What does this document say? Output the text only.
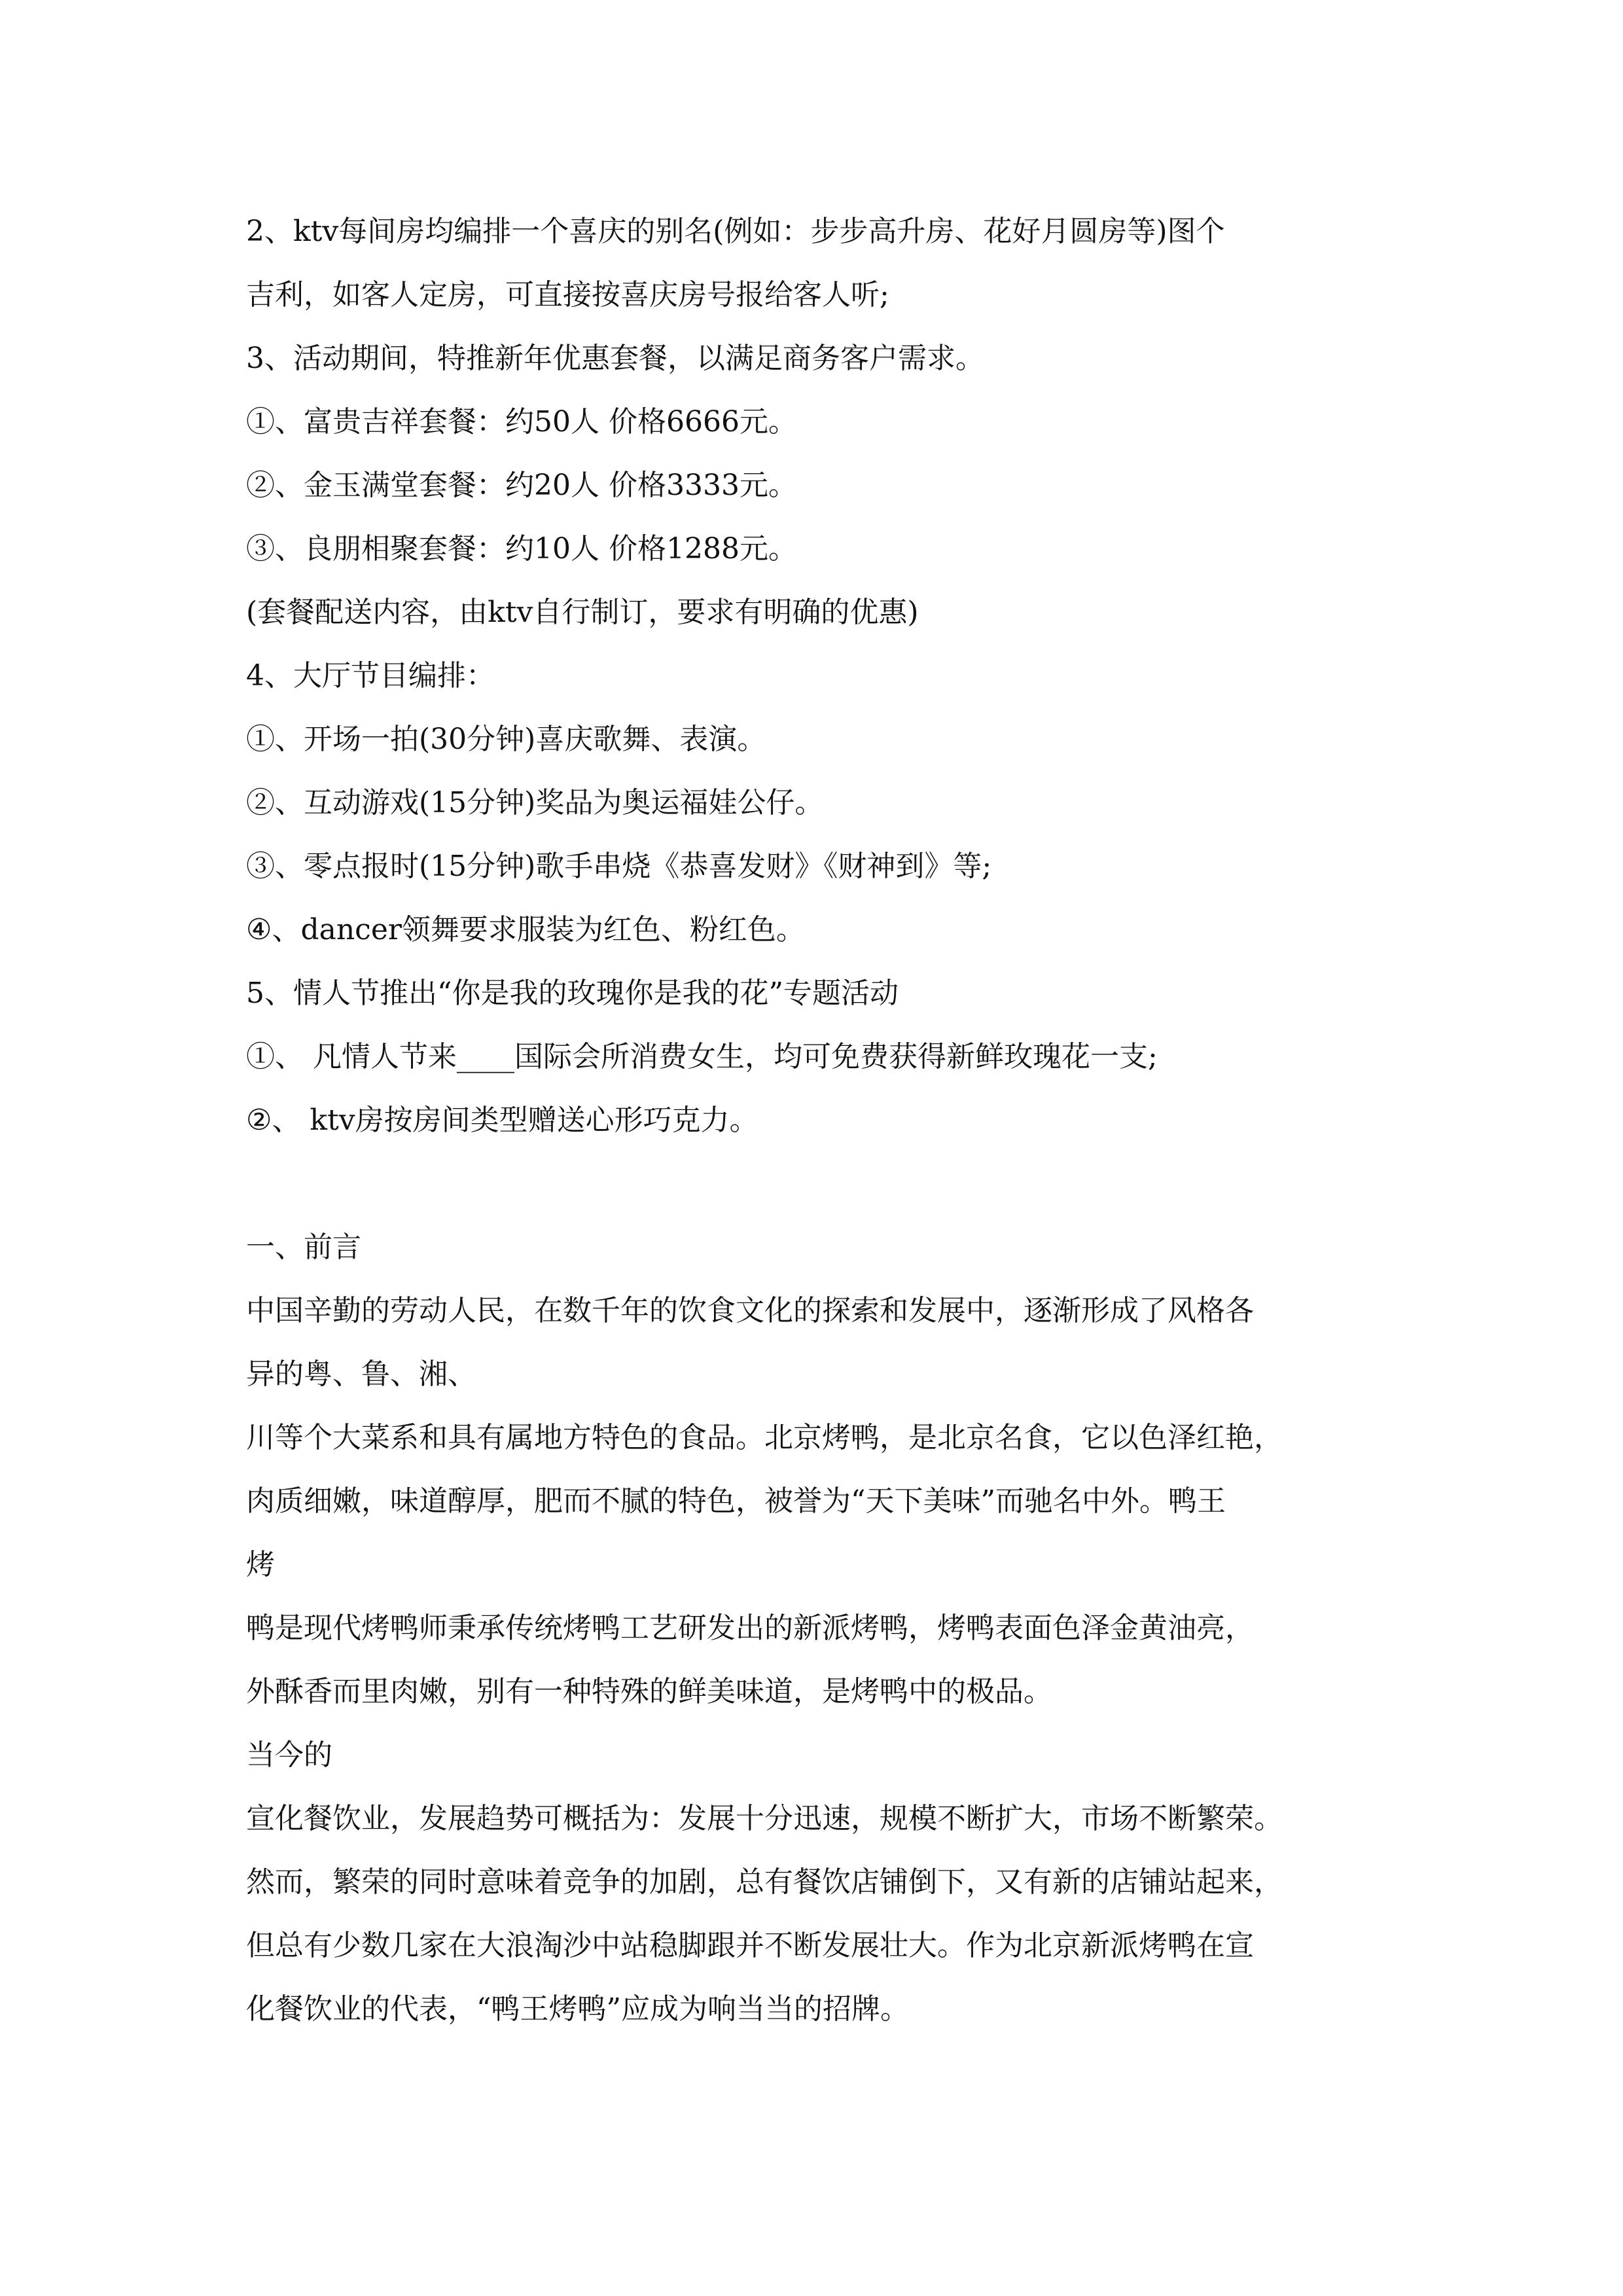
2、ktv每间房均编排一个喜庆的别名(例如：步步高升房、花好月圆房等)图个
吉利，如客人定房，可直接按喜庆房号报给客人听;
3、活动期间，特推新年优惠套餐，以满足商务客户需求。
①、富贵吉祥套餐：约50人 价格6666元。
②、金玉满堂套餐：约20人 价格3333元。
③、良朋相聚套餐：约10人 价格1288元。
(套餐配送内容，由ktv自行制订，要求有明确的优惠)
4、大厅节目编排：
①、开场一拍(30分钟)喜庆歌舞、表演。
②、互动游戏(15分钟)奖品为奥运福娃公仔。
③、零点报时(15分钟)歌手串烧《恭喜发财》《财神到》等;
④、dancer领舞要求服装为红色、粉红色。
5、情人节推出“你是我的玫瑰你是我的花”专题活动
①、 凡情人节来____国际会所消费女生，均可免费获得新鲜玫瑰花一支;
②、 ktv房按房间类型赠送心形巧克力。
一、前言
中国辛勤的劳动人民，在数千年的饮食文化的探索和发展中，逐渐形成了风格各
异的粤、鲁、湘、
川等个大菜系和具有属地方特色的食品。北京烤鸭，是北京名食，它以色泽红艳，
肉质细嫩，味道醇厚，肥而不腻的特色，被誉为“天下美味”而驰名中外。鸭王
烤
鸭是现代烤鸭师秉承传统烤鸭工艺研发出的新派烤鸭，烤鸭表面色泽金黄油亮，
外酥香而里肉嫩，别有一种特殊的鲜美味道，是烤鸭中的极品。
当今的
宣化餐饮业，发展趋势可概括为：发展十分迅速，规模不断扩大，市场不断繁荣。
然而，繁荣的同时意味着竞争的加剧，总有餐饮店铺倒下，又有新的店铺站起来，
但总有少数几家在大浪淘沙中站稳脚跟并不断发展壮大。作为北京新派烤鸭在宣
化餐饮业的代表，“鸭王烤鸭”应成为响当当的招牌。
